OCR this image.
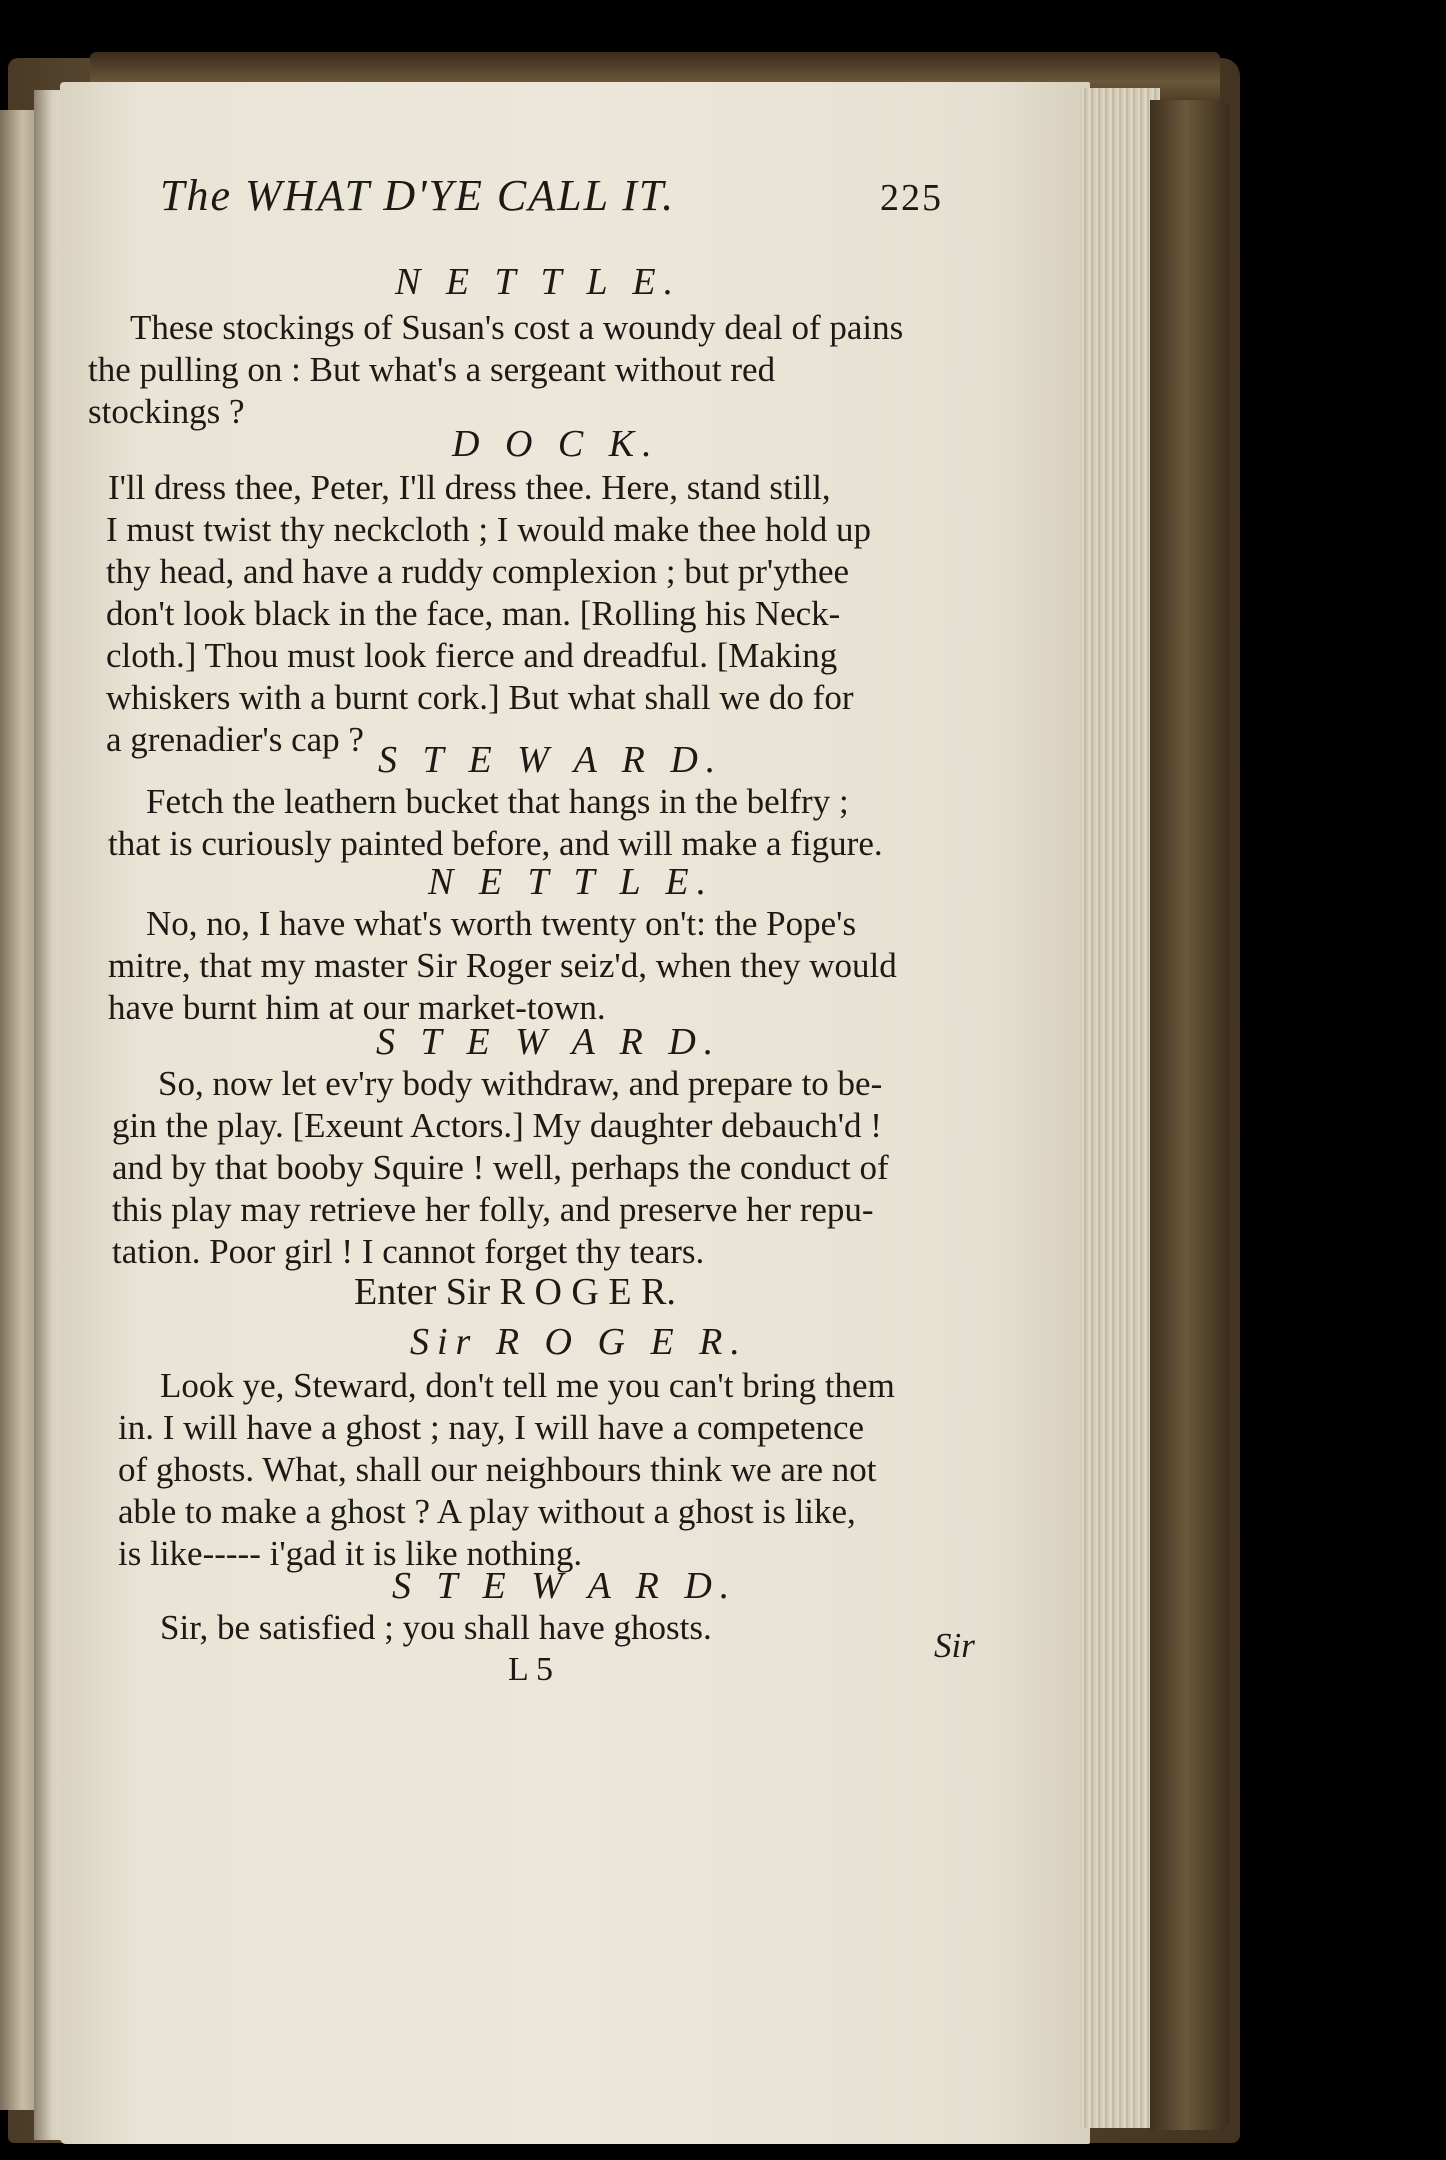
The WHAT D'YE CALL IT.	225
N E T T L E.
These stockings of Susan's cost a woundy deal of pains
the pulling on : But what's a sergeant without red
stockings ?
D O C K.
I'll dress thee, Peter, I'll dress thee. Here, stand still,
I must twist thy neckcloth ; I would make thee hold up
thy head, and have a ruddy complexion ; but pr'ythee
don't look black in the face, man. [Rolling his Neck-
cloth.] Thou must look fierce and dreadful. [Making
whiskers with a burnt cork.] But what shall we do for
a grenadier's cap ? S T E W A R D.
Fetch the leathern bucket that hangs in the belfry ;
that is curiously painted before, and will make a figure.
N E T T L E.
No, no, I have what's worth twenty on't: the Pope's
mitre, that my master Sir Roger seiz'd, when they would
have burnt him at our market-town.
S T E W A R D.
So, now let ev'ry body withdraw, and prepare to be-
gin the play. [Exeunt Actors.] My daughter debauch'd !
and by that booby Squire ! well, perhaps the conduct of
this play may retrieve her folly, and preserve her repu-
tation. Poor girl ! I cannot forget thy tears.
Enter Sir R O G E R.
Sir R O G E R.
Look ye, Steward, don't tell me you can't bring them
in. I will have a ghost ; nay, I will have a competence
of ghosts. What, shall our neighbours think we are not
able to make a ghost ? A play without a ghost is like,
is like----- i'gad it is like nothing.
S T E W A R D.
Sir, be satisfied ; you shall have ghosts.
L 5
Sir
